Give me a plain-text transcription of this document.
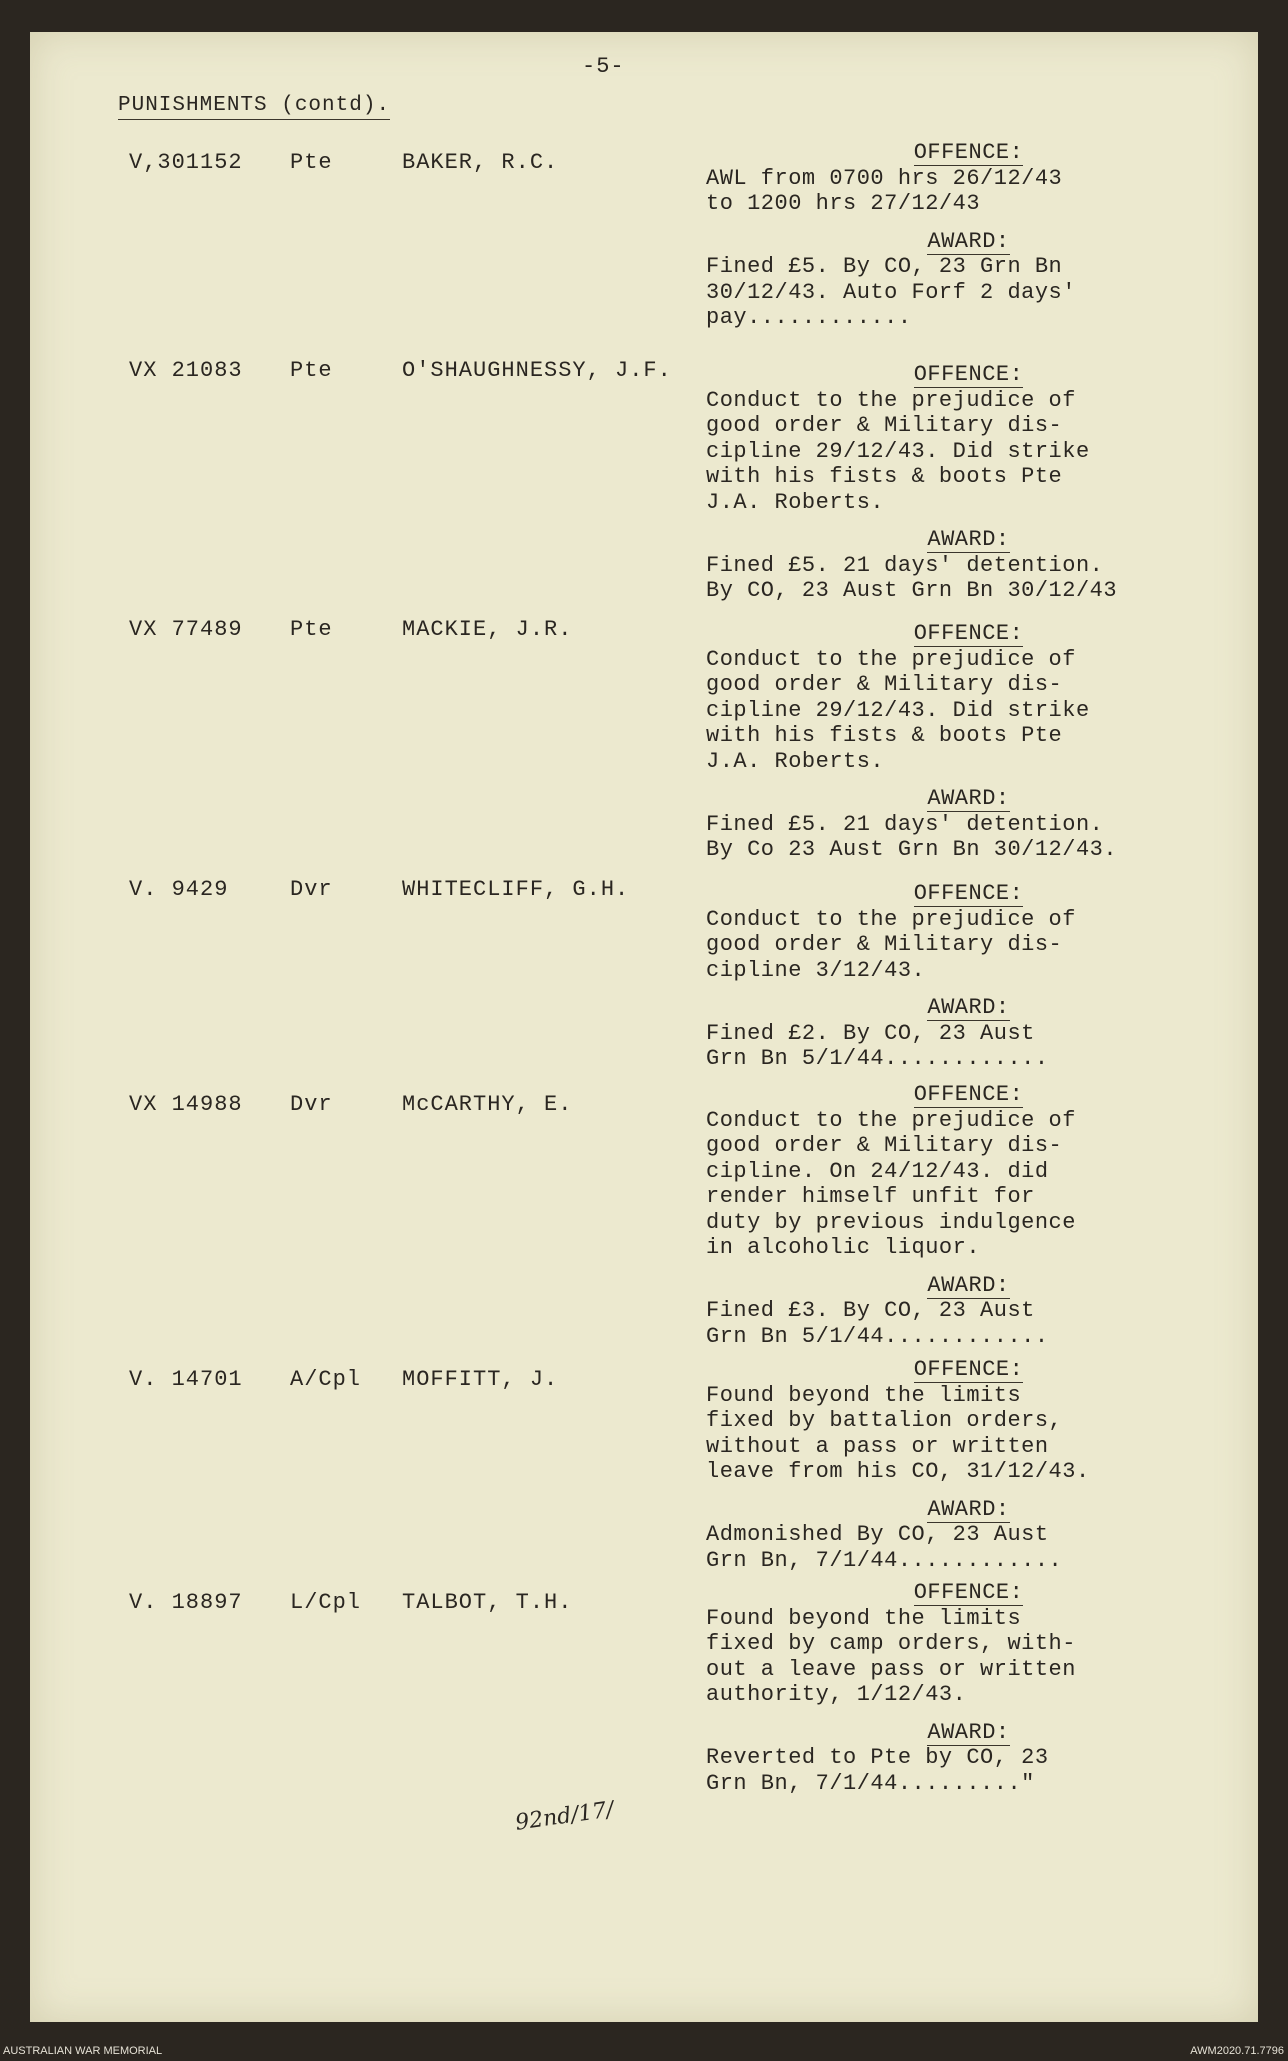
-5-
PUNISHMENTS (contd).
V,301152 Pte	BAKER, R.C.	OFFENCE:
AWL from 0700 hrs 26/12/43
to 1200 hrs 27/12/43
AWARD:
Fined £5. By CO, 23 Grn Bn
30/12/43. Auto Forf 2 days'
pay............
VX 21083 Pte	O'SHAUGHNESSY, J.F.	OFFENCE:
Conduct to the prejudice of
good order & Military dis-
cipline 29/12/43. Did strike
with his fists & boots Pte
J.A. Roberts.
AWARD:
Fined £5. 21 days' detention.
By CO, 23 Aust Grn Bn 30/12/43
VX 77489 Pte	MACKIE, J.R.	OFFENCE:
Conduct to the prejudice of
good order & Military dis-
cipline 29/12/43. Did strike
with his fists & boots Pte
J.A. Roberts.
AWARD:
Fined £5. 21 days' detention.
By Co 23 Aust Grn Bn 30/12/43.
V. 9429	Dvr	WHITECLIFF, G.H.	OFFENCE:
Conduct to the prejudice of
good order & Military dis-
cipline 3/12/43.
AWARD:
Fined £2. By CO, 23 Aust
Grn Bn 5/1/44............
VX 14988 Dvr	McCARTHY, E.	OFFENCE:
Conduct to the prejudice of
good order & Military dis-
cipline. On 24/12/43. did
render himself unfit for
duty by previous indulgence
in alcoholic liquor.
AWARD:
Fined £3. By CO, 23 Aust
Grn Bn 5/1/44............
V. 14701 A/Cpl MOFFITT, J.	OFFENCE:
Found beyond the limits
fixed by battalion orders,
without a pass or written
leave from his CO, 31/12/43.
AWARD:
Admonished By CO, 23 Aust
Grn Bn, 7/1/44............
V. 18897 L/Cpl TALBOT, T.H.	OFFENCE:
Found beyond the limits
fixed by camp orders, with-
out a leave pass or written
authority, 1/12/43.
AWARD:
Reverted to Pte by CO, 23
Grn Bn, 7/1/44........."
92nd/17/
AUSTRALIAN WAR MEMORIAL	AWM2020.71.7796
